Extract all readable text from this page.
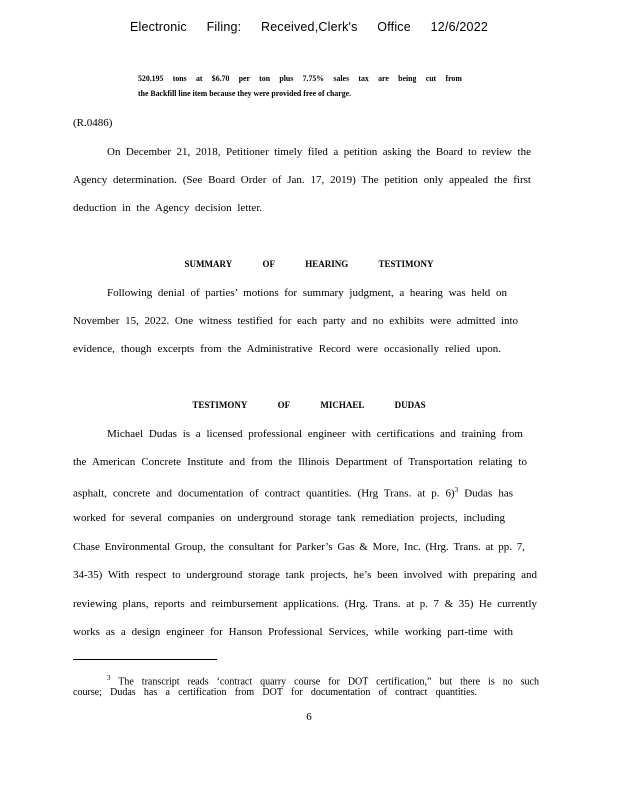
Electronic Filing: Received,Clerk's Office 12/6/2022
520.195 tons at $6.70 per ton plus 7.75% sales tax are being cut from
the Backfill line item because they were provided free of charge.
(R.0486)
On December 21, 2018, Petitioner timely filed a petition asking the Board to review the
Agency determination. (See Board Order of Jan. 17, 2019) The petition only appealed the first
deduction in the Agency decision letter.
SUMMARY	OF	HEARING	TESTIMONY
Following denial of parties’ motions for summary judgment, a hearing was held on
November 15, 2022. One witness testified for each party and no exhibits were admitted into
evidence, though excerpts from the Administrative Record were occasionally relied upon.
TESTIMONY	OF	MICHAEL	DUDAS
Michael Dudas is a licensed professional engineer with certifications and training from
the American Concrete Institute and from the Illinois Department of Transportation relating to
asphalt, concrete and documentation of contract quantities. (Hrg Trans. at p. 6)$^3$ Dudas has
worked for several companies on underground storage tank remediation projects, including
Chase Environmental Group, the consultant for Parker’s Gas & More, Inc. (Hrg. Trans. at pp. 7,
34-35) With respect to underground storage tank projects, he’s been involved with preparing and
reviewing plans, reports and reimbursement applications. (Hrg. Trans. at p. 7 & 35) He currently
works as a design engineer for Hanson Professional Services, while working part-time with
$^3$ The transcript reads ‘contract quarry course for DOT certification,” but there is no such
course; Dudas has a certification from DOT for documentation of contract quantities.
6
